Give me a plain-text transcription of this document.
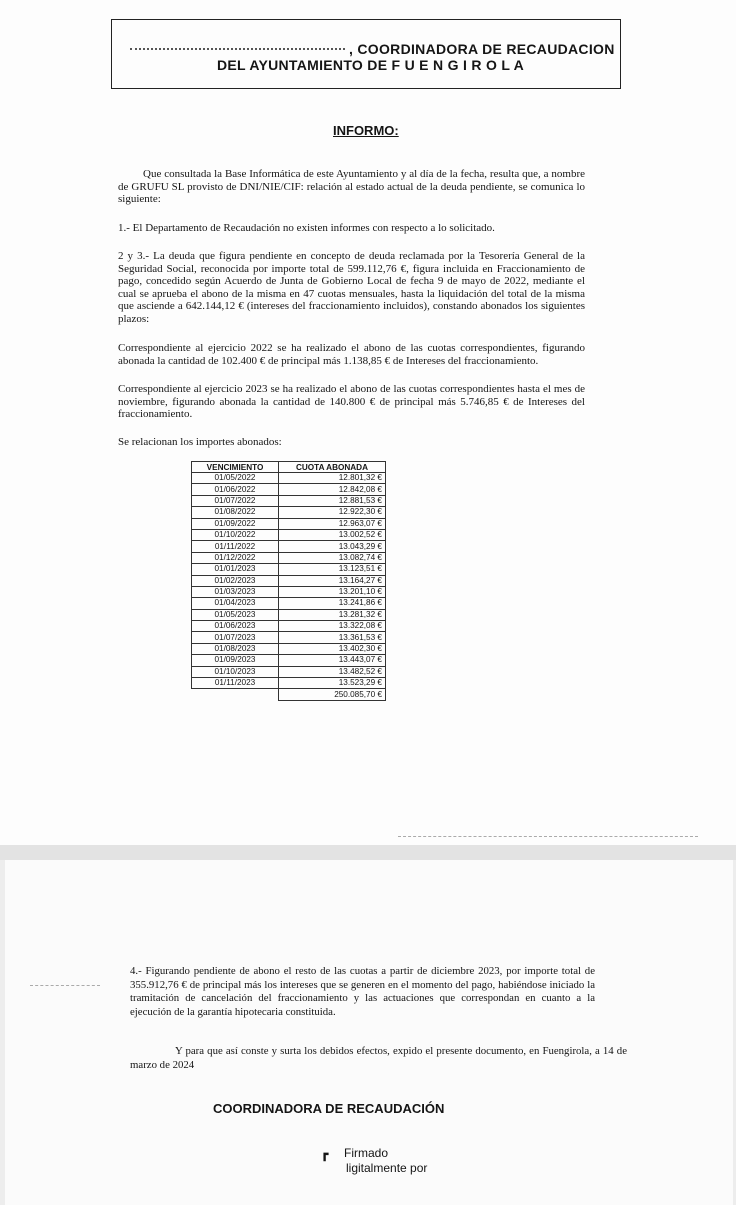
, COORDINADORA DE RECAUDACION
DEL AYUNTAMIENTO DE F U E N G I R O L A
INFORMO:
Que consultada la Base Informática de este Ayuntamiento y al día de la fecha, resulta que, a nombre de GRUFU SL provisto de DNI/NIE/CIF: relación al estado actual de la deuda pendiente, se comunica lo siguiente:
1.- El Departamento de Recaudación no existen informes con respecto a lo solicitado.
2 y 3.- La deuda que figura pendiente en concepto de deuda reclamada por la Tesorería General de la Seguridad Social, reconocida por importe total de 599.112,76 €, figura incluida en Fraccionamiento de pago, concedido según Acuerdo de Junta de Gobierno Local de fecha 9 de mayo de 2022, mediante el cual se aprueba el abono de la misma en 47 cuotas mensuales, hasta la liquidación del total de la misma que asciende a 642.144,12 € (intereses del fraccionamiento incluidos), constando abonados los siguientes plazos:
Correspondiente al ejercicio 2022 se ha realizado el abono de las cuotas correspondientes, figurando abonada la cantidad de 102.400 € de principal más 1.138,85 € de Intereses del fraccionamiento.
Correspondiente al ejercicio 2023 se ha realizado el abono de las cuotas correspondientes hasta el mes de noviembre, figurando abonada la cantidad de 140.800 € de principal más 5.746,85 € de Intereses del fraccionamiento.
Se relacionan los importes abonados:
VENCIMIENTO	CUOTA ABONADA
01/05/2022	12.801,32 €
01/06/2022	12.842,08 €
01/07/2022	12.881,53 €
01/08/2022	12.922,30 €
01/09/2022	12.963,07 €
01/10/2022	13.002,52 €
01/11/2022	13.043,29 €
01/12/2022	13.082,74 €
01/01/2023	13.123,51 €
01/02/2023	13.164,27 €
01/03/2023	13.201,10 €
01/04/2023	13.241,86 €
01/05/2023	13.281,32 €
01/06/2023	13.322,08 €
01/07/2023	13.361,53 €
01/08/2023	13.402,30 €
01/09/2023	13.443,07 €
01/10/2023	13.482,52 €
01/11/2023	13.523,29 €
	250.085,70 €
4.- Figurando pendiente de abono el resto de las cuotas a partir de diciembre 2023, por importe total de 355.912,76 € de principal más los intereses que se generen en el momento del pago, habiéndose iniciado la tramitación de cancelación del fraccionamiento y las actuaciones que correspondan en cuanto a la ejecución de la garantía hipotecaria constituida.
Y para que así conste y surta los debidos efectos, expido el presente documento, en Fuengirola, a 14 de marzo de 2024
COORDINADORA DE RECAUDACIÓN
┏ Firmado
ligitalmente por
